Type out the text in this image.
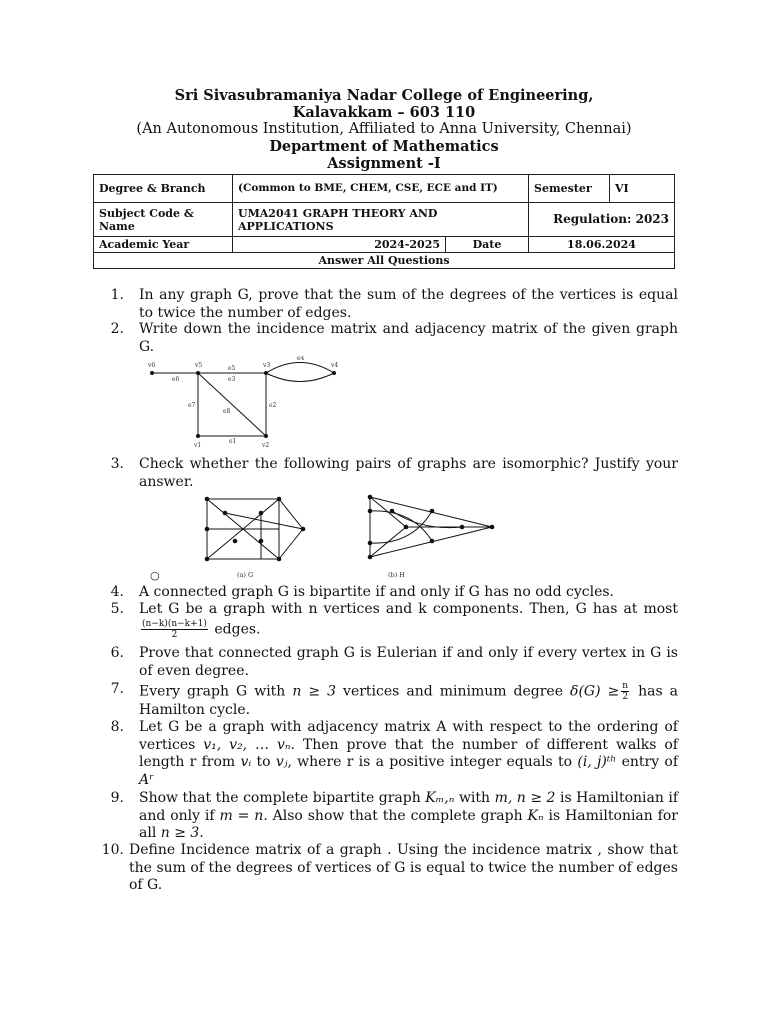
Sri Sivasubramaniya Nadar College of Engineering,
Kalavakkam – 603 110
(An Autonomous Institution, Affiliated to Anna University, Chennai)
Department of Mathematics
Assignment -I
Degree & Branch	(Common to BME, CHEM, CSE, ECE and IT)		Semester	VI
Subject Code & Name	UMA2041 GRAPH THEORY AND APPLICATIONS		Regulation: 2023	
Academic Year	2024-2025	Date	18.06.2024	
Answer All Questions				
1. In any graph G, prove that the sum of the degrees of the vertices is equal to twice the number of edges.
2. Write down the incidence matrix and adjacency matrix of the given graph G.
v6	v5	v3	v4
v1	v2
e6
e5
e3
e4
e7
e8
e2
e1
3. Check whether the following pairs of graphs are isomorphic? Justify your answer.
(a) G	(b) H
○
4. A connected graph G is bipartite if and only if G has no odd cycles.
5. Let G be a graph with n vertices and k components. Then, G has at most
$\frac{(n-k)(n-k+1)}{2}$ edges.
6. Prove that connected graph G is Eulerian if and only if every vertex in G is of even degree.
7. Every graph G with n ≥ 3 vertices and minimum degree $\delta(G) \ge \frac{n}{2}$ has a Hamilton cycle.
8. Let G be a graph with adjacency matrix A with respect to the ordering of vertices v₁, v₂, … vₙ. Then prove that the number of different walks of length r from vᵢ to vⱼ, where r is a positive integer equals to (i, j)ᵗʰ entry of Aʳ
9. Show that the complete bipartite graph Kₘ,ₙ with m, n ≥ 2 is Hamiltonian if and only if m = n. Also show that the complete graph Kₙ is Hamiltonian for all n ≥ 3.
10. Define Incidence matrix of a graph . Using the incidence matrix , show that the sum of the degrees of vertices of G is equal to twice the number of edges of G.
